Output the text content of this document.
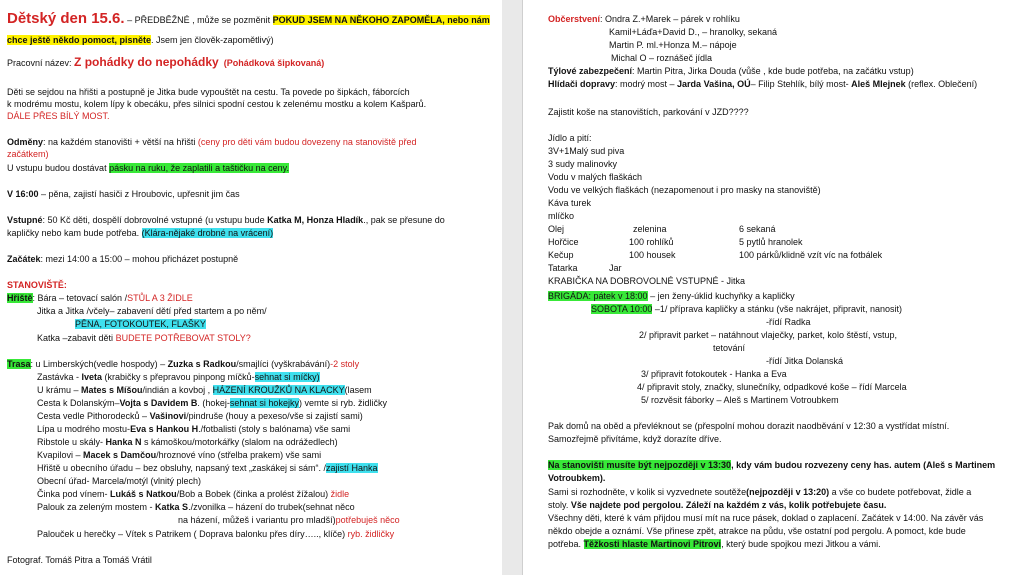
Dětský den 15.6. – PŘEDBĚŽNÉ , může se pozměnit POKUD JSEM NA NĚKOHO ZAPOMĚLA, nebo nám
chce ještě někdo pomoct, pisněte. Jsem jen člověk-zapomětlivý)
Pracovní název: Z pohádky do nepohádky (Pohádková šipkovaná)
Děti se sejdou na hřišti a postupně je Jitka bude vypouštět na cestu. Ta povede po šipkách, fáborcích
k modrému mostu, kolem lípy k obecáku, přes silnici spodní cestou k zelenému mostku a kolem Kašparů.
DÁLE PŘES BÍLÝ MOST.
Odměny: na každém stanovišti + větší na hřišti (ceny pro děti vám budou dovezeny na stanoviště před
začátkem)
U vstupu budou dostávat pásku na ruku, že zaplatili a taštičku na ceny.
V 16:00 – pěna, zajistí hasiči z Hroubovic, upřesnit jim čas
Vstupné: 50 Kč děti, dospělí dobrovolné vstupné (u vstupu bude Katka M, Honza Hladík., pak se přesune do
kapličky nebo kam bude potřeba. (Klára-nějaké drobné na vrácení)
Začátek: mezi 14:00 a 15:00 – mohou přicházet postupně
STANOVIŠTĚ:
Hřiště: Bára – tetovací salón /STŮL A 3 ŽIDLE
Jitka a Jitka /včely– zabavení dětí před startem a po něm/
PĚNA, FOTOKOUTEK, FLAŠKY
Katka –zabavit děti BUDETE POTŘEBOVAT STOLY?
Trasa: u Limberských(vedle hospody) – Zuzka s Radkou/smajlíci (vyškrabávání)-2 stoly
Zastávka - Iveta (krabičky s přepravou pinpong míčků-sehnat si míčky)
U krámu – Mates s Míšou/indián a kovboj , HÁZENÍ KROUŽKŮ NA KLACKY(lasem
Cesta k Dolanským–Vojta s Davidem B. (hokej-sehnat si hokejky) vemte si ryb. židličky
Cesta vedle Pithorodecků – Vašinovi/pindruše (houy a pexeso/vše si zajistí sami)
Lípa u modrého mostu-Eva s Hankou H./fotbalisti (stoly s balónama) vše sami
Ribstole u skály- Hanka N s kámoškou/motorkářky (slalom na odrážedlech)
Kvapilovi – Macek s Damčou/hroznové víno (střelba prakem) vše sami
Hřiště u obecního úřadu – bez obsluhy, napsaný text „zaskákej si sám“. /zajistí Hanka
Obecní úřad- Marcela/motýl (vlnitý plech)
Činka pod vínem- Lukáš s Natkou/Bob a Bobek (činka a prolést žížalou) židle
Palouk za zeleným mostem - Katka S./zvonilka – házení do trubek(sehnat něco
na házení, můžeš i variantu pro mladší)potřebuješ něco
Palouček u herečky – Vítek s Patrikem ( Doprava balonku přes díry….., klíče) ryb. židličky
Fotograf. Tomáš Pitra a Tomáš Vrátil
Občerstvení: Ondra Z.+Marek – párek v rohlíku
Kamil+Láďa+David D., – hranolky, sekaná
Martin P. ml.+Honza M.– nápoje
Michal O – roznášeč jídla
Týlové zabezpečení: Martin Pitra, Jirka Douda (vůše , kde bude potřeba, na začátku vstup)
Hlídači dopravy: modrý most – Jarda Vašina, OÚ– Filip Stehlík, bílý most- Aleš Mlejnek (reflex. Oblečení)
Zajistit koše na stanovištích, parkování v JZD????
Jídlo a pití:
3V+1Malý sud piva
3 sudy malinovky
Vodu v malých flaškách
Vodu ve velkých flaškách (nezapomenout i pro masky na stanoviště)
Káva turek
mlíčko
Olej	zelenina	6 sekaná
Hořčice	100 rohlíků	5 pytlů hranolek
Kečup	100 housek	100 párků/klidně vzít víc na fotbálek
Tatarka	Jar
KRABIČKA NA DOBROVOLNÉ VSTUPNÉ - Jitka
BRIGÁDA: pátek v 18:00 – jen ženy-úklid kuchyňky a kapličky
SOBOTA 10:00 –1/ příprava kapličky a stánku (vše nakrájet, připravit, nanosit)
-řídí Radka
2/ připravit parket – natáhnout vlaječky, parket, kolo štěstí, vstup,
tetování
-řídí Jitka Dolanská
3/ připravit fotokoutek - Hanka a Eva
4/ připravit stoly, značky, slunečníky, odpadkové koše – řídí Marcela
5/ rozvěsit fáborky – Aleš s Martinem Votroubkem
Pak domů na oběd a převléknout se (přespolní mohou dorazit naodběvání v 12:30 a vystřídat místní.
Samozřejmě přivítáme, když dorazíte dříve.
Na stanovišti musíte být nejpozději v 13:30, kdy vám budou rozvezeny ceny has. autem (Aleš s Martinem
Votroubkem).
Sami si rozhodněte, v kolik si vyzvednete soutěže(nejpozději v 13:20) a vše co budete potřebovat, židle a
stoly. Vše najdete pod pergolou. Záleží na každém z vás, kolik potřebujete času.
Všechny děti, které k vám přijdou musí mít na ruce pásek, doklad o zaplacení. Začátek v 14:00. Na závěr vás
někdo obejde a oznámí. Vše přinese zpět, atrakce na půdu, vše ostatní pod pergolu. A pomoct, kde bude
potřeba. Těžkosti hlaste Martinovi Pitrovi, který bude spojkou mezi Jitkou a vámi.
